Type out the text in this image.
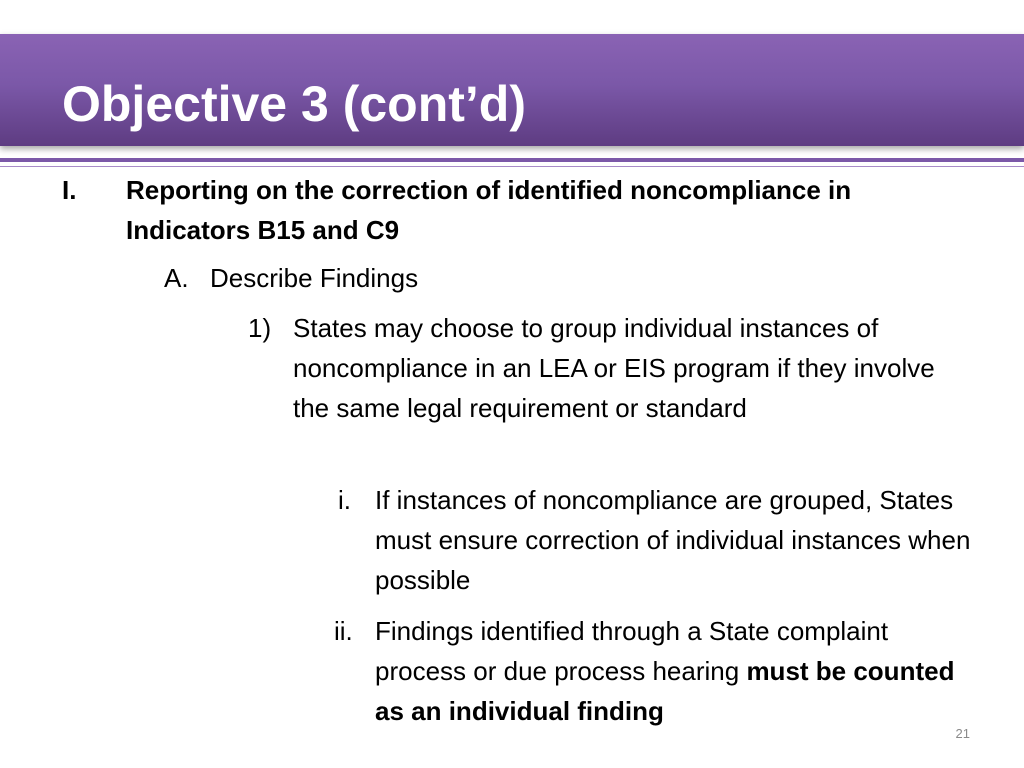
Objective 3 (cont’d)
I.	Reporting on the correction of identified noncompliance in Indicators B15 and C9
A. Describe Findings
1) States may choose to group individual instances of noncompliance in an LEA or EIS program if they involve the same legal requirement or standard
i. If instances of noncompliance are grouped, States must ensure correction of individual instances when possible
ii. Findings identified through a State complaint process or due process hearing must be counted as an individual finding
21
